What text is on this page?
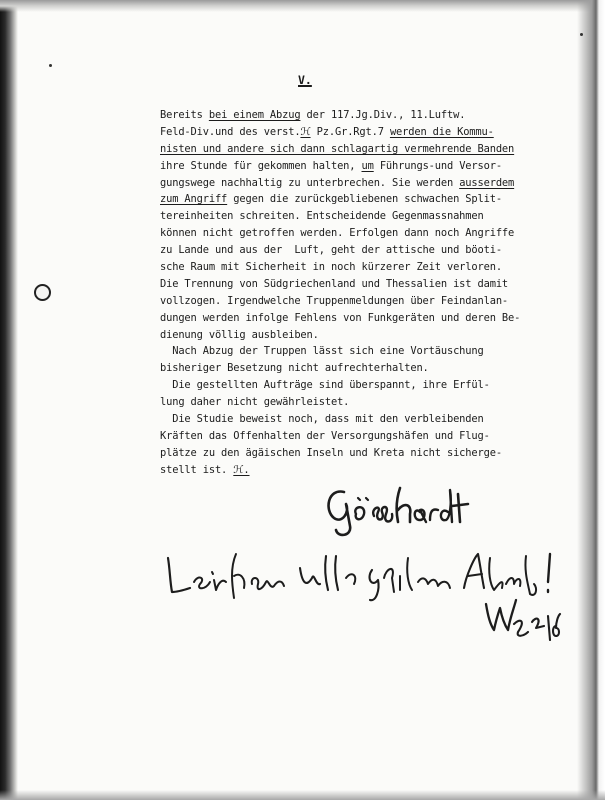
V.
Bereits bei einem Abzug der 117.Jg.Div., 11.Luftw.
Feld-Div.und des verst.ℋ Pz.Gr.Rgt.7 werden die Kommu-
nisten und andere sich dann schlagartig vermehrende Banden
ihre Stunde für gekommen halten, um Führungs-und Versor-
gungswege nachhaltig zu unterbrechen. Sie werden ausserdem
zum Angriff gegen die zurückgebliebenen schwachen Split-
tereinheiten schreiten. Entscheidende Gegenmassnahmen
können nicht getroffen werden. Erfolgen dann noch Angriffe
zu Lande und aus der  Luft, geht der attische und böoti-
sche Raum mit Sicherheit in noch kürzerer Zeit verloren.
Die Trennung von Südgriechenland und Thessalien ist damit
vollzogen. Irgendwelche Truppenmeldungen über Feindanlan-
dungen werden infolge Fehlens von Funkgeräten und deren Be-
dienung völlig ausbleiben.
Nach Abzug der Truppen lässt sich eine Vortäuschung
bisheriger Besetzung nicht aufrechterhalten.
Die gestellten Aufträge sind überspannt, ihre Erfül-
lung daher nicht gewährleistet.
Die Studie beweist noch, dass mit den verbleibenden
Kräften das Offenhalten der Versorgungshäfen und Flug-
plätze zu den ägäischen Inseln und Kreta nicht sicherge-
stellt ist. ℋ.
